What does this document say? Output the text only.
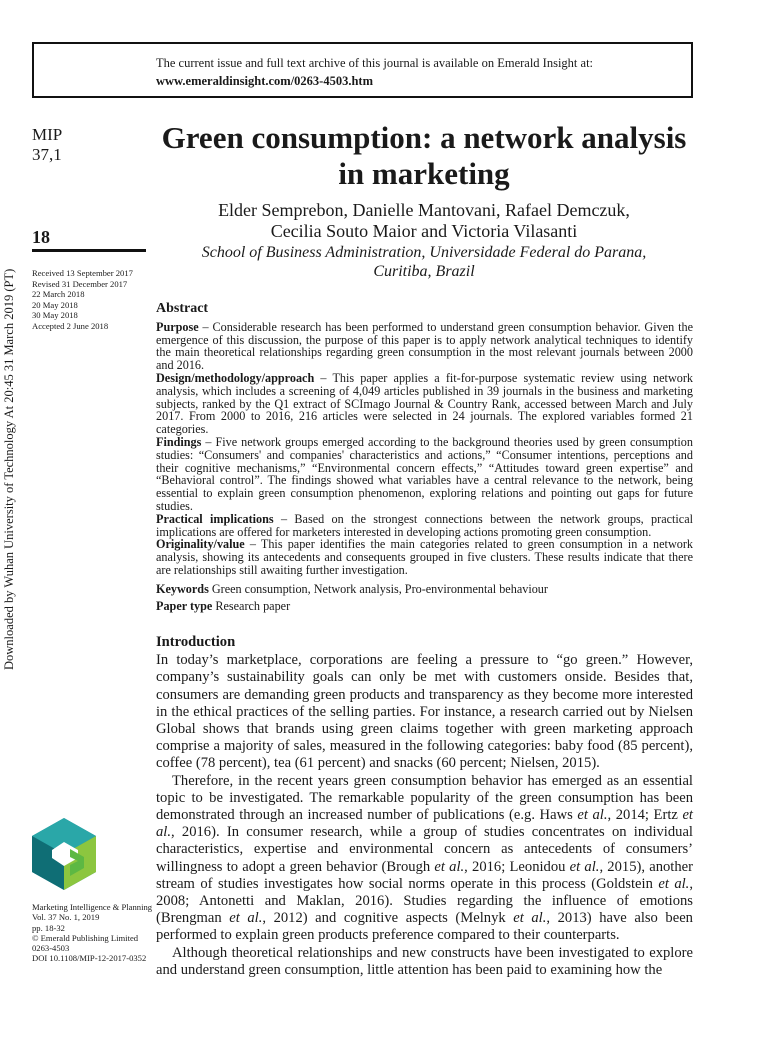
The current issue and full text archive of this journal is available on Emerald Insight at:
www.emeraldinsight.com/0263-4503.htm
MIP
37,1
18
Received 13 September 2017
Revised 31 December 2017
22 March 2018
20 May 2018
30 May 2018
Accepted 2 June 2018
Downloaded by Wuhan University of Technology At 20:45 31 March 2019 (PT)
Green consumption: a network analysis in marketing
Elder Semprebon, Danielle Mantovani, Rafael Demczuk,
Cecilia Souto Maior and Victoria Vilasanti
School of Business Administration, Universidade Federal do Parana,
Curitiba, Brazil
Abstract

Purpose – Considerable research has been performed to understand green consumption behavior. Given the emergence of this discussion, the purpose of this paper is to apply network analytical techniques to identify the main theoretical relationships regarding green consumption in the most relevant journals between 2000 and 2016.

Design/methodology/approach – This paper applies a fit-for-purpose systematic review using network analysis, which includes a screening of 4,049 articles published in 39 journals in the business and marketing subjects, ranked by the Q1 extract of SCImago Journal & Country Rank, accessed between March and July 2017. From 2000 to 2016, 216 articles were selected in 24 journals. The explored variables formed 21 categories.

Findings – Five network groups emerged according to the background theories used by green consumption studies: “Consumers' and companies' characteristics and actions,” “Consumer intentions, perceptions and their cognitive mechanisms,” “Environmental concern effects,” “Attitudes toward green expertise” and “Behavioral control”. The findings showed what variables have a central relevance to the network, being essential to explain green consumption phenomenon, exploring relations and pointing out gaps for future studies.

Practical implications – Based on the strongest connections between the network groups, practical implications are offered for marketers interested in developing actions promoting green consumption.

Originality/value – This paper identifies the main categories related to green consumption in a network analysis, showing its antecedents and consequents grouped in five clusters. These results indicate that there are relationships still awaiting further investigation.

Keywords Green consumption, Network analysis, Pro-environmental behaviour

Paper type Research paper

Introduction

In today’s marketplace, corporations are feeling a pressure to “go green.” However, company’s sustainability goals can only be met with customers onside. Besides that, consumers are demanding green products and transparency as they become more interested in the ethical practices of the selling parties. For instance, a research carried out by Nielsen Global shows that brands using green claims together with green marketing approach comprise a majority of sales, measured in the following categories: baby food (85 percent), coffee (78 percent), tea (61 percent) and snacks (60 percent; Nielsen, 2015).

Therefore, in the recent years green consumption behavior has emerged as an essential topic to be investigated. The remarkable popularity of the green consumption has been demonstrated through an increased number of publications (e.g. Haws et al., 2014; Ertz et al., 2016). In consumer research, while a group of studies concentrates on individual characteristics, expertise and environmental concern as antecedents of consumers’ willingness to adopt a green behavior (Brough et al., 2016; Leonidou et al., 2015), another stream of studies investigates how social norms operate in this process (Goldstein et al., 2008; Antonetti and Maklan, 2016). Studies regarding the influence of emotions (Brengman et al., 2012) and cognitive aspects (Melnyk et al., 2013) have also been performed to explain green products preference compared to their counterparts.

Although theoretical relationships and new constructs have been investigated to explore and understand green consumption, little attention has been paid to examining how the

Marketing Intelligence & Planning
Vol. 37 No. 1, 2019
pp. 18-32
© Emerald Publishing Limited
0263-4503
DOI 10.1108/MIP-12-2017-0352
